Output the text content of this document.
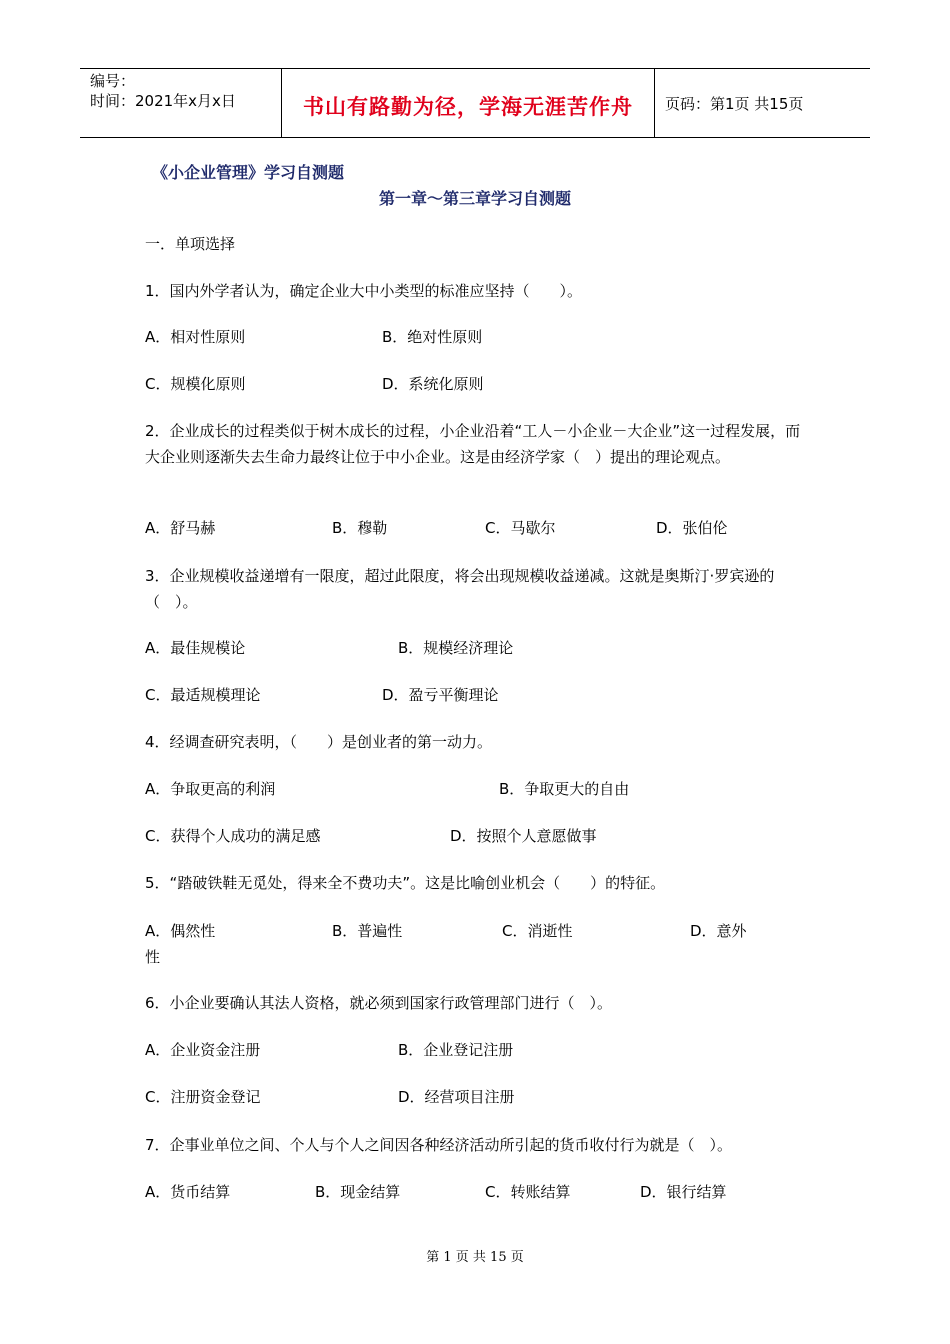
编号：
时间：2021年x月x日	书山有路勤为径，学海无涯苦作舟	页码：第1页 共15页
《小企业管理》学习自测题
第一章～第三章学习自测题
一．单项选择
1．国内外学者认为，确定企业大中小类型的标准应坚持（　　）。
A．相对性原则	B．绝对性原则
C．规模化原则	D．系统化原则
2．企业成长的过程类似于树木成长的过程，小企业沿着“工人－小企业－大企业”这一过程发展，而大企业则逐渐失去生命力最终让位于中小企业。这是由经济学家（　）提出的理论观点。
A．舒马赫	B．穆勒	C．马歇尔	D．张伯伦
3．企业规模收益递增有一限度，超过此限度，将会出现规模收益递减。这就是奥斯汀·罗宾逊的（　）。
A．最佳规模论	B．规模经济理论
C．最适规模理论	D．盈亏平衡理论
4．经调查研究表明，（　　）是创业者的第一动力。
A．争取更高的利润	B．争取更大的自由
C．获得个人成功的满足感	D．按照个人意愿做事
5．“踏破铁鞋无觅处，得来全不费功夫”。这是比喻创业机会（　　）的特征。
A．偶然性	B．普遍性	C．消逝性	D．意外
性
6．小企业要确认其法人资格，就必须到国家行政管理部门进行（　）。
A．企业资金注册	B．企业登记注册
C．注册资金登记	D．经营项目注册
7．企事业单位之间、个人与个人之间因各种经济活动所引起的货币收付行为就是（　）。
A．货币结算	B．现金结算	C．转账结算	D．银行结算
第 1 页 共 15 页
